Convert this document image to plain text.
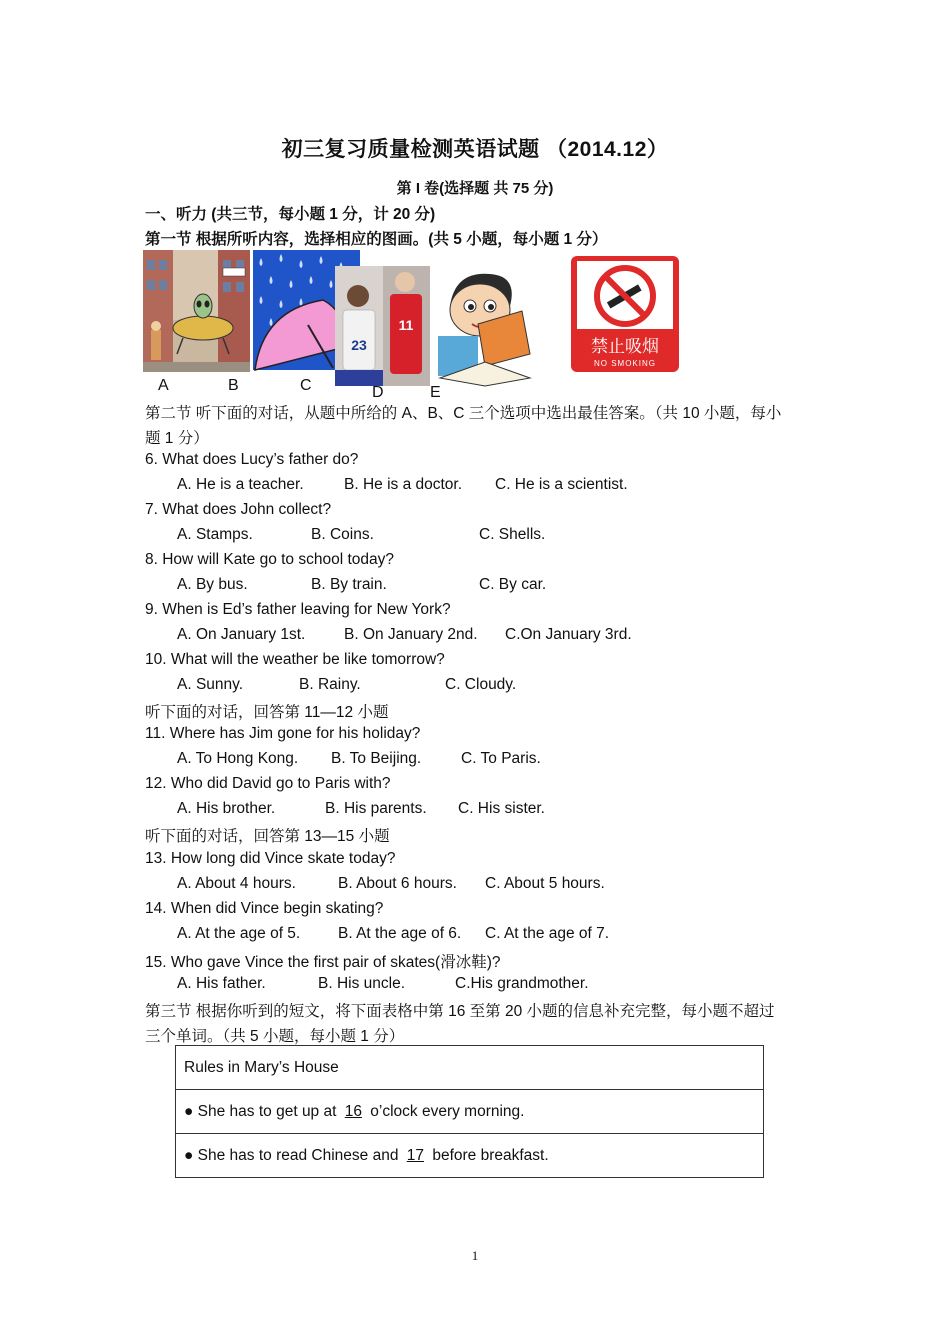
初三复习质量检测英语试题 （2014.12）
第 I 卷(选择题 共 75 分)
一、听力 (共三节，每小题 1 分，计 20 分)
第一节 根据所听内容，选择相应的图画。(共 5 小题，每小题 1 分）
23
11
禁止吸烟
NO SMOKING
A	B	C	D	E
第二节 听下面的对话，从题中所给的 A、B、C 三个选项中选出最佳答案。（共 10 小题，每小
题 1 分）
6. What does Lucy’s father do?
A. He is a teacher.	B. He is a doctor. C. He is a scientist.
7. What does John collect?
A. Stamps.	B. Coins.	C. Shells.
8. How will Kate go to school today?
A. By bus.	B. By train.	C. By car.
9. When is Ed’s father leaving for New York?
A. On January 1st. B. On January 2nd. C.On January 3rd.
10. What will the weather be like tomorrow?
A. Sunny.	B. Rainy.	C. Cloudy.
听下面的对话，回答第 11—12 小题
11. Where has Jim gone for his holiday?
A. To Hong Kong. B. To Beijing.	C. To Paris.
12. Who did David go to Paris with?
A. His brother.	B. His parents. C. His sister.
听下面的对话，回答第 13—15 小题
13. How long did Vince skate today?
A. About 4 hours.	B. About 6 hours. C. About 5 hours.
14. When did Vince begin skating?
A. At the age of 5. B. At the age of 6. C. At the age of 7.
15. Who gave Vince the first pair of skates(滑冰鞋)?
A. His father.	B. His uncle.	C.His grandmother.
第三节 根据你听到的短文，将下面表格中第 16 至第 20 小题的信息补充完整，每小题不超过
三个单词。（共 5 小题，每小题 1 分）
Rules in Mary’s House
● She has to get up at 16 o’clock every morning.
● She has to read Chinese and 17 before breakfast.
1
